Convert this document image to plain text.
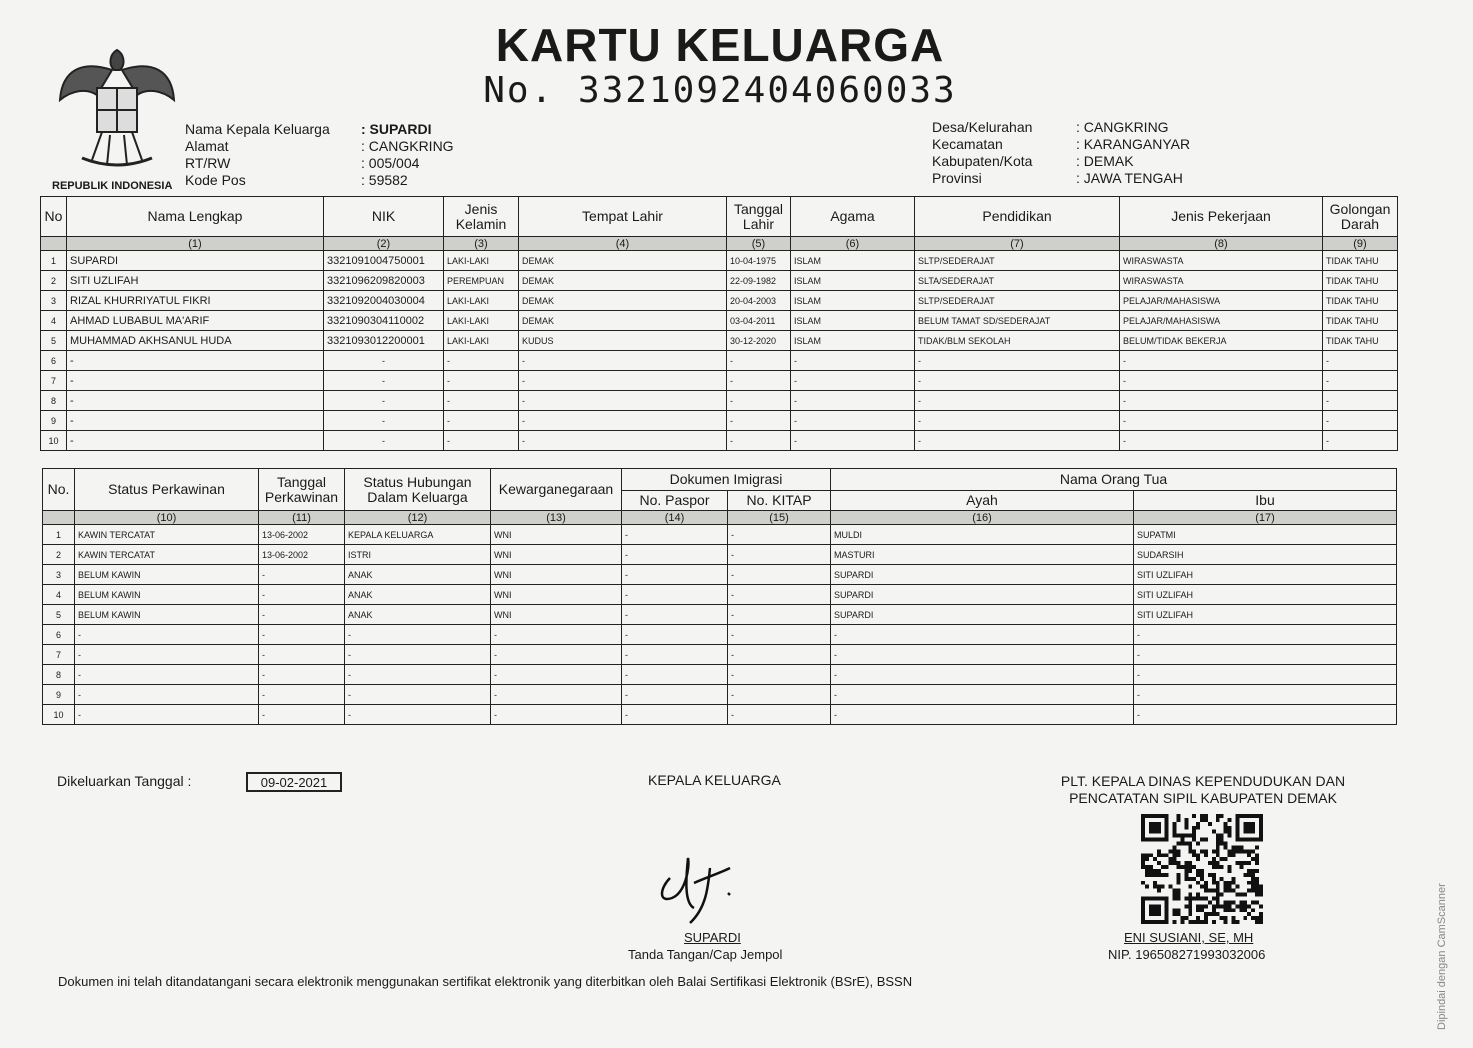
KARTU KELUARGA
No. 3321092404060033
REPUBLIK INDONESIA
Nama Kepala Keluarga	: SUPARDI
Alamat	: CANGKRING
RT/RW	: 005/004
Kode Pos	: 59582
Desa/Kelurahan	: CANGKRING
Kecamatan	: KARANGANYAR
Kabupaten/Kota	: DEMAK
Provinsi	: JAWA TENGAH
No	Nama Lengkap	NIK	Jenis Kelamin	Tempat Lahir	Tanggal Lahir	Agama	Pendidikan	Jenis Pekerjaan	Golongan Darah
	(1)	(2)	(3)	(4)	(5)	(6)	(7)	(8)	(9)
1	SUPARDI	3321091004750001	LAKI-LAKI	DEMAK	10-04-1975	ISLAM	SLTP/SEDERAJAT	WIRASWASTA	TIDAK TAHU
2	SITI UZLIFAH	3321096209820003	PEREMPUAN	DEMAK	22-09-1982	ISLAM	SLTA/SEDERAJAT	WIRASWASTA	TIDAK TAHU
3	RIZAL KHURRIYATUL FIKRI	3321092004030004	LAKI-LAKI	DEMAK	20-04-2003	ISLAM	SLTP/SEDERAJAT	PELAJAR/MAHASISWA	TIDAK TAHU
4	AHMAD LUBABUL MA'ARIF	3321090304110002	LAKI-LAKI	DEMAK	03-04-2011	ISLAM	BELUM TAMAT SD/SEDERAJAT	PELAJAR/MAHASISWA	TIDAK TAHU
5	MUHAMMAD AKHSANUL HUDA	3321093012200001	LAKI-LAKI	KUDUS	30-12-2020	ISLAM	TIDAK/BLM SEKOLAH	BELUM/TIDAK BEKERJA	TIDAK TAHU
6	-	-	-	-	-	-	-	-	-
7	-	-	-	-	-	-	-	-	-
8	-	-	-	-	-	-	-	-	-
9	-	-	-	-	-	-	-	-	-
10	-	-	-	-	-	-	-	-	-
No.	Status Perkawinan	Tanggal Perkawinan	Status Hubungan Dalam Keluarga	Kewarganegaraan	Dokumen Imigrasi		Nama Orang Tua	
					No. Paspor	No. KITAP	Ayah	Ibu
	(10)	(11)	(12)	(13)	(14)	(15)	(16)	(17)
1	KAWIN TERCATAT	13-06-2002	KEPALA KELUARGA	WNI	-	-	MULDI	SUPATMI
2	KAWIN TERCATAT	13-06-2002	ISTRI	WNI	-	-	MASTURI	SUDARSIH
3	BELUM KAWIN	-	ANAK	WNI	-	-	SUPARDI	SITI UZLIFAH
4	BELUM KAWIN	-	ANAK	WNI	-	-	SUPARDI	SITI UZLIFAH
5	BELUM KAWIN	-	ANAK	WNI	-	-	SUPARDI	SITI UZLIFAH
6	-	-	-	-	-	-	-	-
7	-	-	-	-	-	-	-	-
8	-	-	-	-	-	-	-	-
9	-	-	-	-	-	-	-	-
10	-	-	-	-	-	-	-	-
Dikeluarkan Tanggal :	09-02-2021	KEPALA KELUARGA
SUPARDI
Tanda Tangan/Cap Jempol
PLT. KEPALA DINAS KEPENDUDUKAN DAN PENCATATAN SIPIL KABUPATEN DEMAK
ENI SUSIANI, SE, MH
NIP. 196508271993032006
Dokumen ini telah ditandatangani secara elektronik menggunakan sertifikat elektronik yang diterbitkan oleh Balai Sertifikasi Elektronik (BSrE), BSSN	Dipindai dengan CamScanner
